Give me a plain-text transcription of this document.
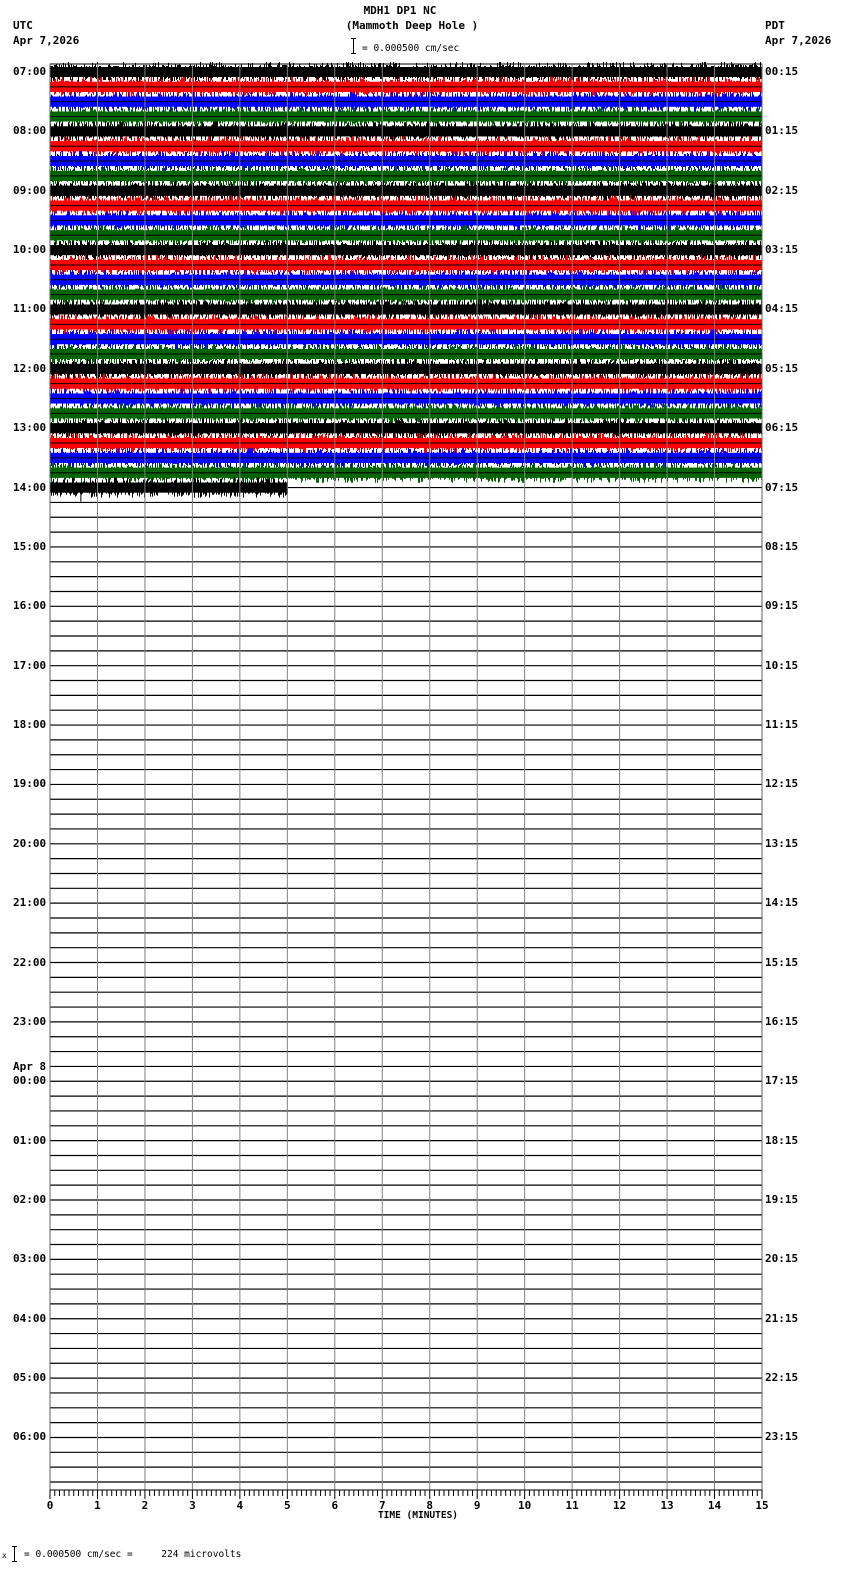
MDH1 DP1 NC
(Mammoth Deep Hole )
UTC
Apr 7,2026
PDT
Apr 7,2026
= 0.000500 cm/sec
0	1	2	3	4	5	6	7	8	9	10	11	12	13	14	15
TIME (MINUTES)
x = 0.000500 cm/sec =     224 microvolts
07:00
08:00
09:00
10:00
11:00
12:00
13:00
14:00
15:00
16:00
17:00
18:00
19:00
20:00
21:00
22:00
23:00
00:00
Apr 8
01:00
02:00
03:00
04:00
05:00
06:00
00:15
01:15
02:15
03:15
04:15
05:15
06:15
07:15
08:15
09:15
10:15
11:15
12:15
13:15
14:15
15:15
16:15
17:15
18:15
19:15
20:15
21:15
22:15
23:15
